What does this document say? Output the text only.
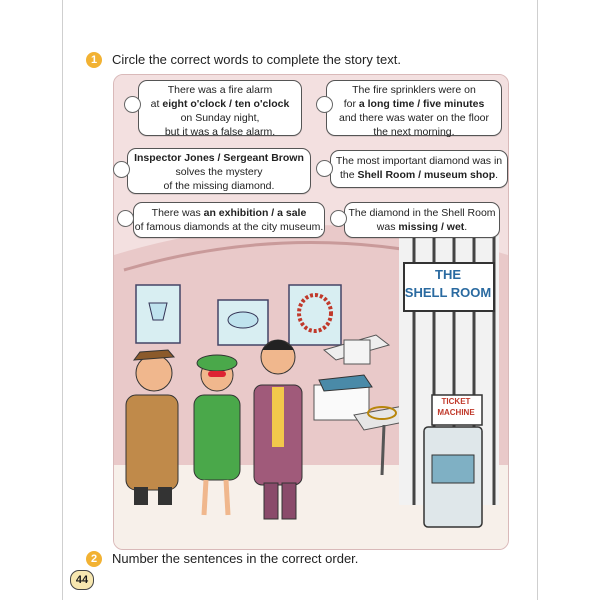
1	Circle the correct words to complete the story text.
THE
SHELL ROOM
TICKET
MACHINE
There was a fire alarm
at eight o'clock / ten o'clock
on Sunday night,
but it was a false alarm.
The fire sprinklers were on
for a long time / five minutes
and there was water on the floor
the next morning.
Inspector Jones / Sergeant Brown
solves the mystery
of the missing diamond.
The most important diamond was in
the Shell Room / museum shop.
There was an exhibition / a sale
of famous diamonds at the city museum.
The diamond in the Shell Room
was missing / wet.
2	Number the sentences in the correct order.
44
